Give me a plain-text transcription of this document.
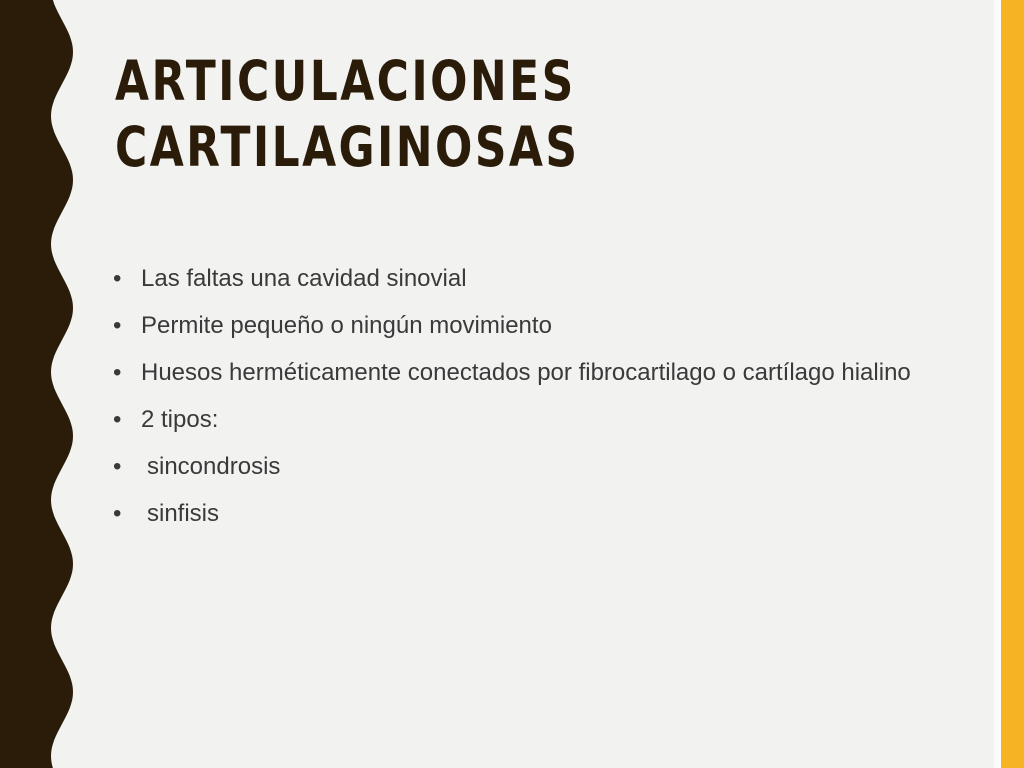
ARTICULACIONES
CARTILAGINOSAS
• Las faltas una cavidad sinovial
• Permite pequeño o ningún movimiento
• Huesos herméticamente conectados por fibrocartilago o cartílago hialino
• 2 tipos:
• sincondrosis
• sinfisis
